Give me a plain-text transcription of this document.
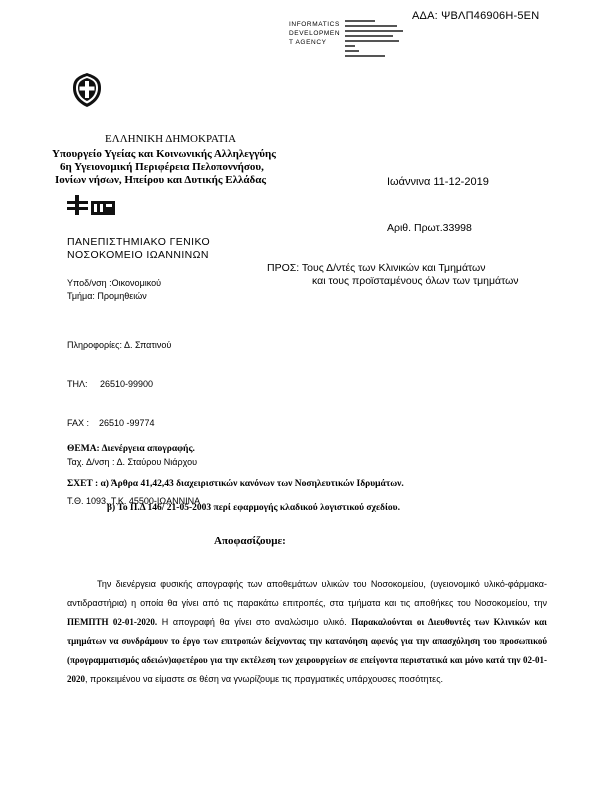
ΑΔΑ: ΨΒΛΠ46906Η-5ΕΝ
INFORMATICS
DEVELOPMEN
T AGENCY
ΕΛΛΗΝΙΚΗ ΔΗΜΟΚΡΑΤΙΑ
Υπουργείο Υγείας και Κοινωνικής Αλληλεγγύης
6η Υγειονομική Περιφέρεια Πελοποννήσου,
Ιονίων νήσων, Ηπείρου και Δυτικής Ελλάδας	Ιωάννινα 11-12-2019
Αριθ. Πρωτ.33998
ΠΑΝΕΠΙΣΤΗΜΙΑΚΟ ΓΕΝΙΚΟ
ΝΟΣΟΚΟΜΕΙΟ ΙΩΑΝΝΙΝΩΝ
ΠΡΟΣ: Τους Δ/ντές των Κλινικών και Τμημάτων
και τους προϊσταμένους όλων των τμημάτων
Υποδ/νση :Οικονομικού
Τμήμα: Προμηθειών

Πληροφορίες: Δ. Σπατινού

ΤΗΛ:     26510-99900

FAX :    26510 -99774

Ταχ. Δ/νση : Δ. Σταύρου Νιάρχου

Τ.Θ. 1093, Τ.Κ. 45500-ΙΩΑΝΝΙΝΑ

ΘΕΜΑ: Διενέργεια απογραφής.
ΣΧΕΤ : α) Άρθρα 41,42,43 διαχειριστικών κανόνων των Νοσηλευτικών Ιδρυμάτων.
β) Το Π.Δ 146/ 21-05-2003 περί εφαρμογής κλαδικού λογιστικού σχεδίου.
Αποφασίζουμε:
Την διενέργεια φυσικής απογραφής των αποθεμάτων υλικών του Νοσοκομείου, (υγειονομικό υλικό-φάρμακα-αντιδραστήρια) η οποία θα γίνει από τις παρακάτω επιτροπές, στα τμήματα και τις αποθήκες του Νοσοκομείου, την ΠΕΜΠΤΗ 02-01-2020. Η απογραφή θα γίνει στο αναλώσιμο υλικό. Παρακαλούνται οι Διευθυντές των Κλινικών και τμημάτων να συνδράμουν το έργο των επιτροπών δείχνοντας την κατανόηση αφενός για την απασχόληση του προσωπικού (προγραμματισμός αδειών)αφετέρου για την εκτέλεση των χειρουργείων σε επείγοντα περιστατικά και μόνο κατά την 02-01-2020, προκειμένου να είμαστε σε θέση να γνωρίζουμε τις πραγματικές υπάρχουσες ποσότητες.
